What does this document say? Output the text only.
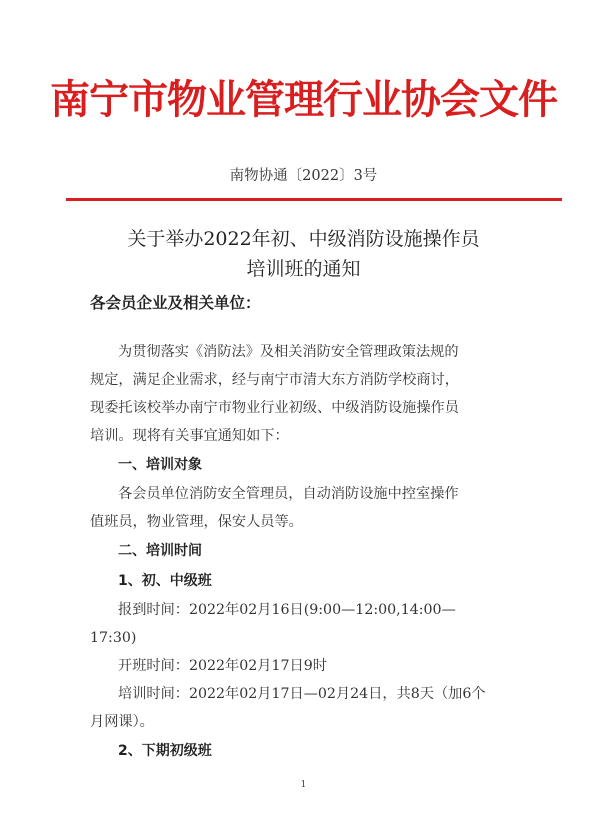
南宁市物业管理行业协会文件
南物协通〔2022〕3号
关于举办2022年初、中级消防设施操作员
培训班的通知
各会员企业及相关单位：

为贯彻落实《消防法》及相关消防安全管理政策法规的

规定，满足企业需求，经与南宁市清大东方消防学校商讨，

现委托该校举办南宁市物业行业初级、中级消防设施操作员

培训。现将有关事宜通知如下：

一、培训对象

各会员单位消防安全管理员，自动消防设施中控室操作

值班员，物业管理，保安人员等。

二、培训时间

1、初、中级班

报到时间：2022年02月16日(9:00—12:00,14:00—

17:30)

开班时间：2022年02月17日9时

培训时间：2022年02月17日—02月24日，共8天（加6个

月网课）。

2、下期初级班

1
